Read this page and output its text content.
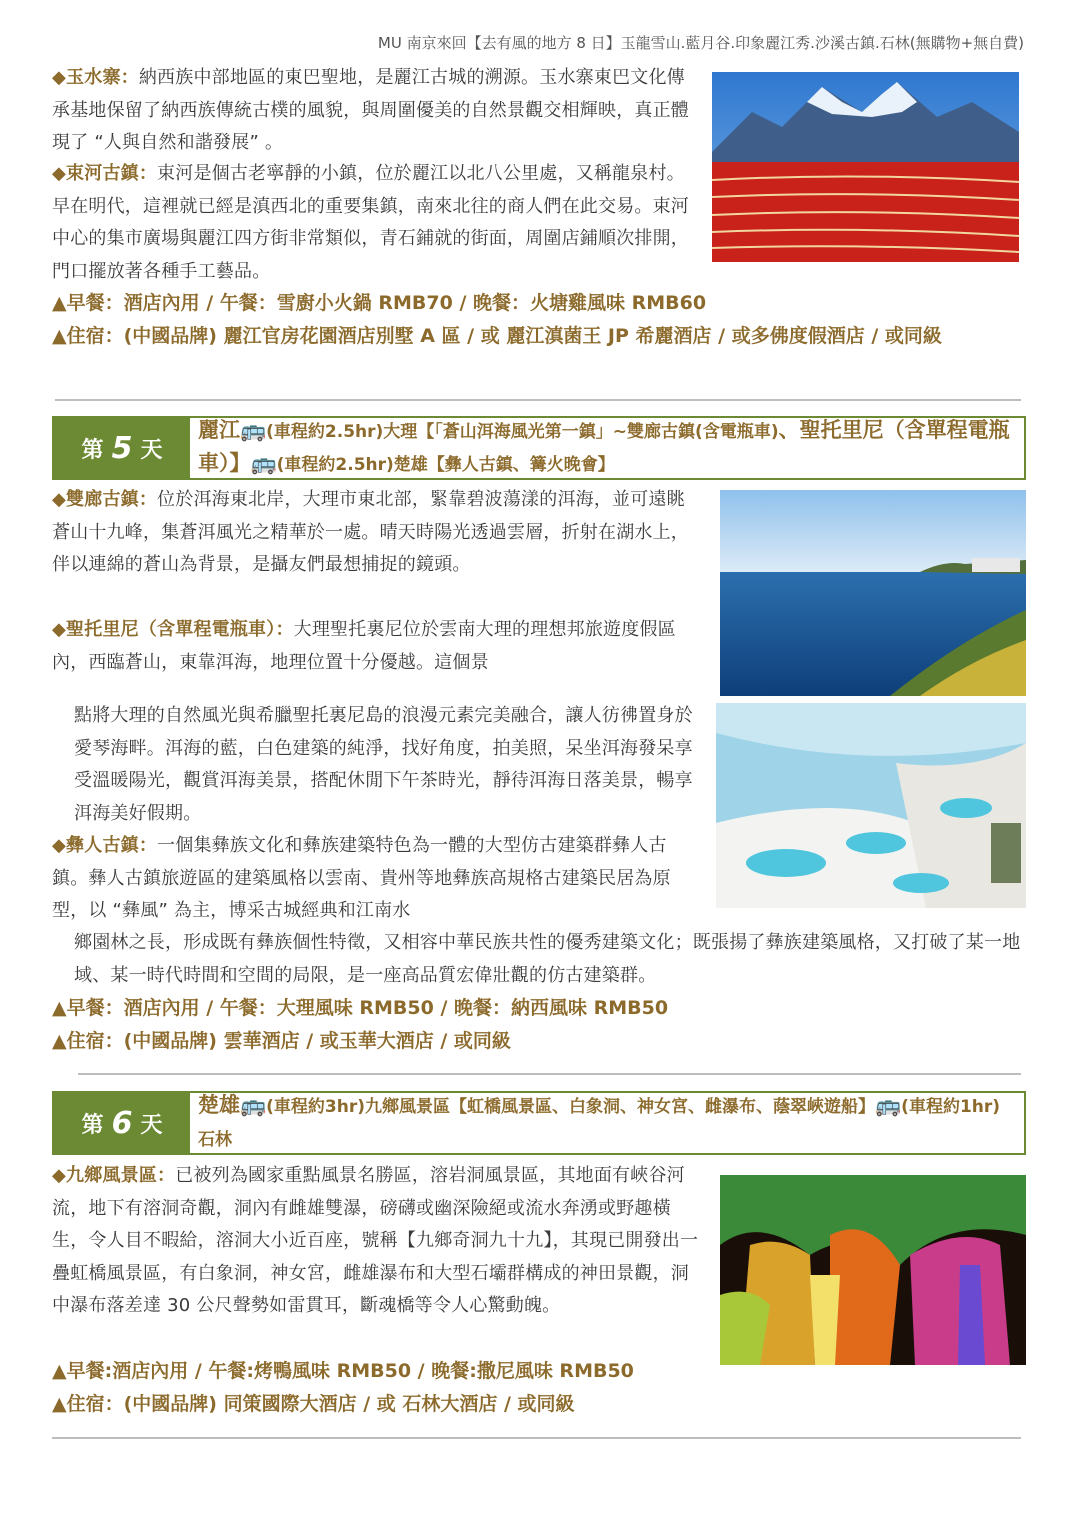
MU 南京來回【去有風的地方 8 日】玉龍雪山.藍月谷.印象麗江秀.沙溪古鎮.石林(無購物+無自費)

◆玉水寨：納西族中部地區的東巴聖地，是麗江古城的溯源。玉水寨東巴文化傳承基地保留了納西族傳統古樸的風貌，與周圍優美的自然景觀交相輝映，真正體現了 “人與自然和諧發展” 。

◆束河古鎮：束河是個古老寧靜的小鎮，位於麗江以北八公里處，又稱龍泉村。早在明代，這裡就已經是滇西北的重要集鎮，南來北往的商人們在此交易。束河中心的集市廣場與麗江四方街非常類似，青石鋪就的街面，周圍店鋪順次排開，門口擺放著各種手工藝品。

▲早餐：酒店內用 / 午餐：雪廚小火鍋 RMB70 / 晚餐：火塘雞風味 RMB60

▲住宿：(中國品牌) 麗江官房花園酒店別墅 A 區 / 或 麗江滇菌王 JP 希麗酒店 / 或多佛度假酒店 / 或同級

第 5 天
麗江🚌(車程約2.5hr)大理【「蒼山洱海風光第一鎮」~雙廊古鎮(含電瓶車)、聖托里尼（含單程電瓶車）】🚌(車程約2.5hr)楚雄【彝人古鎮、篝火晚會】

◆雙廊古鎮：位於洱海東北岸，大理市東北部，緊靠碧波蕩漾的洱海，並可遠眺蒼山十九峰，集蒼洱風光之精華於一處。晴天時陽光透過雲層，折射在湖水上，伴以連綿的蒼山為背景，是攝友們最想捕捉的鏡頭。

◆聖托里尼（含單程電瓶車）：大理聖托裏尼位於雲南大理的理想邦旅遊度假區內，西臨蒼山，東靠洱海，地理位置十分優越。這個景

點將大理的自然風光與希臘聖托裏尼島的浪漫元素完美融合，讓人彷彿置身於愛琴海畔。洱海的藍，白色建築的純淨，找好角度，拍美照，呆坐洱海發呆享受溫暖陽光，觀賞洱海美景，搭配休閒下午茶時光，靜待洱海日落美景，暢享洱海美好假期。

◆彝人古鎮：一個集彝族文化和彝族建築特色為一體的大型仿古建築群彝人古鎮。彝人古鎮旅遊區的建築風格以雲南、貴州等地彝族高規格古建築民居為原型，以 “彝風” 為主，博采古城經典和江南水

鄉園林之長，形成既有彝族個性特徵，又相容中華民族共性的優秀建築文化；既張揚了彝族建築風格，又打破了某一地域、某一時代時間和空間的局限，是一座高品質宏偉壯觀的仿古建築群。

▲早餐：酒店內用 / 午餐：大理風味 RMB50 / 晚餐：納西風味 RMB50

▲住宿：(中國品牌) 雲華酒店 / 或玉華大酒店 / 或同級

第 6 天
楚雄🚌(車程約3hr)九鄉風景區【虹橋風景區、白象洞、神女宮、雌瀑布、蔭翠峽遊船】🚌(車程約1hr) 石林

◆九鄉風景區：已被列為國家重點風景名勝區，溶岩洞風景區，其地面有峽谷河流，地下有溶洞奇觀，洞內有雌雄雙瀑，磅礴或幽深險絕或流水奔湧或野趣橫生，令人目不暇給，溶洞大小近百座，號稱【九鄉奇洞九十九】，其現已開發出一疊虹橋風景區，有白象洞，神女宮，雌雄瀑布和大型石壩群構成的神田景觀，洞中瀑布落差達 30 公尺聲勢如雷貫耳，斷魂橋等令人心驚動魄。

▲早餐:酒店內用 / 午餐:烤鴨風味 RMB50 / 晚餐:撒尼風味 RMB50

▲住宿：(中國品牌) 同策國際大酒店 / 或 石林大酒店 / 或同級
